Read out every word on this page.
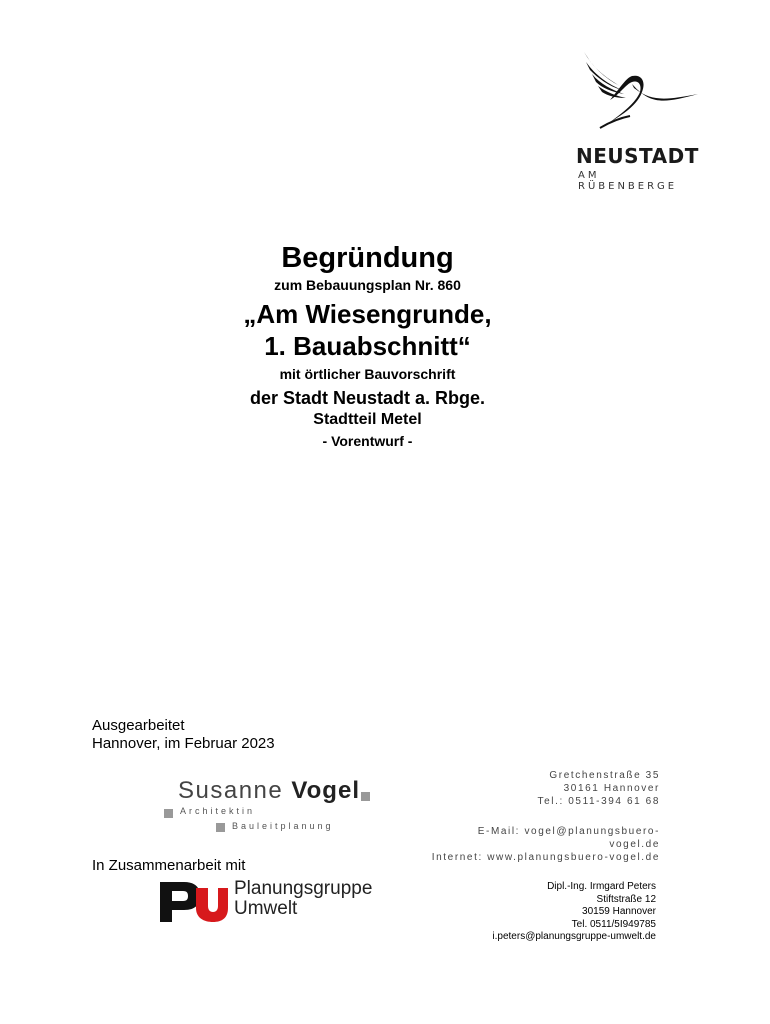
NEUSTADT
AM RÜBENBERGE
Begründung
zum Bebauungsplan Nr. 860
„Am Wiesengrunde,
1. Bauabschnitt“
mit örtlicher Bauvorschrift
der Stadt Neustadt a. Rbge.
Stadtteil Metel
- Vorentwurf -
Ausgearbeitet
Hannover, im Februar 2023
Susanne Vogel
Architektin
Bauleitplanung
Gretchenstraße 35
30161 Hannover
Tel.: 0511-394 61 68
E-Mail: vogel@planungsbuero-vogel.de
Internet: www.planungsbuero-vogel.de
In Zusammenarbeit mit
Planungsgruppe
Umwelt
Dipl.-Ing. Irmgard Peters
Stiftstraße 12
30159 Hannover
Tel. 0511/5I949785
i.peters@planungsgruppe-umwelt.de
